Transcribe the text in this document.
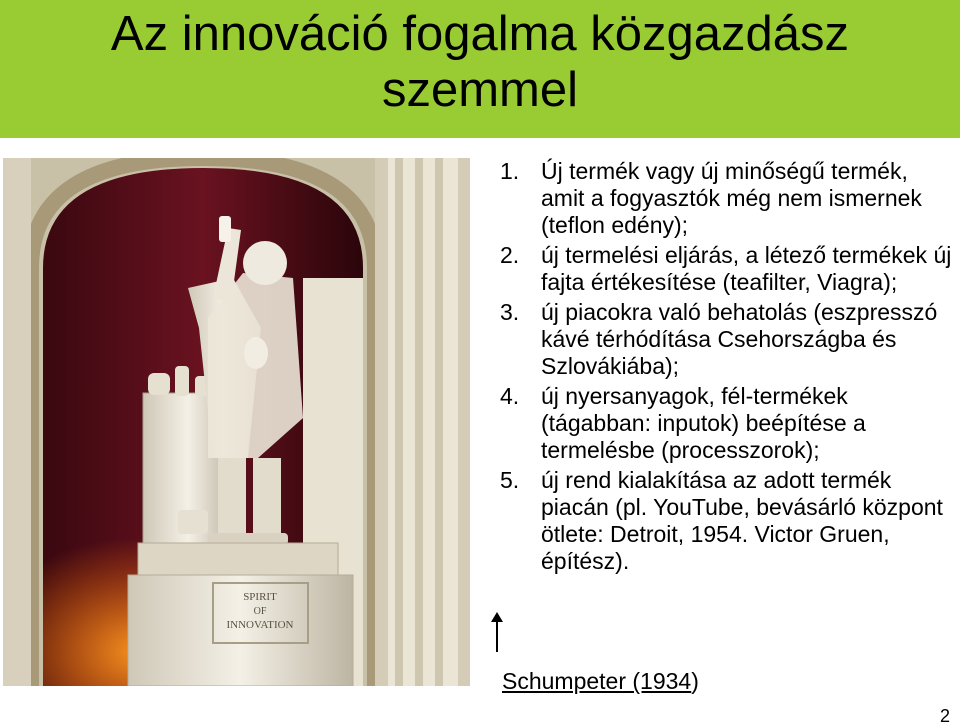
Az innováció fogalma közgazdász
szemmel
SPIRIT
OF
INNOVATION
1. Új termék vagy új minőségű termék, amit a fogyasztók még nem ismernek (teflon edény);
2. új termelési eljárás, a létező termékek új fajta értékesítése (teafilter, Viagra);
3. új piacokra való behatolás (eszpresszó kávé térhódítása Csehországba és Szlovákiába);
4. új nyersanyagok, fél-termékek (tágabban: inputok) beépítése a termelésbe (processzorok);
5. új rend kialakítása az adott termék piacán (pl. YouTube, bevásárló központ ötlete: Detroit, 1954. Victor Gruen, építész).
Schumpeter (1934)
2
